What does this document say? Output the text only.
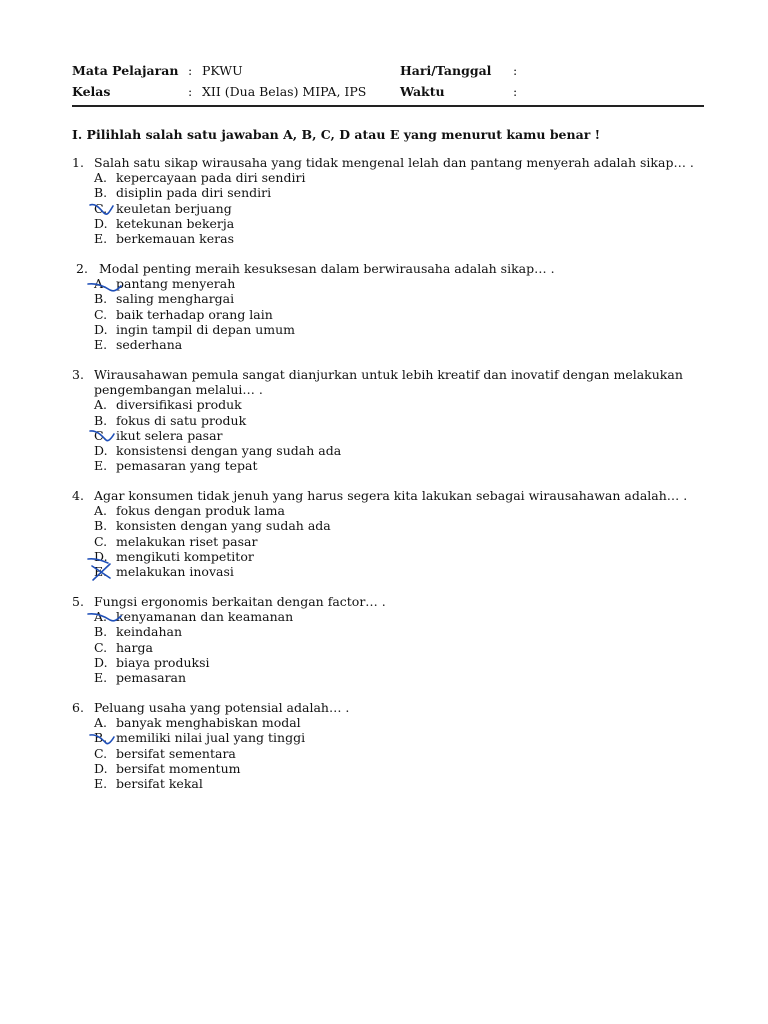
Mata Pelajaran : PKWU	Hari/Tanggal :
Kelas	: XII (Dua Belas) MIPA, IPS	Waktu	:
I. Pilihlah salah satu jawaban A, B, C, D atau E yang menurut kamu benar !
1. Salah satu sikap wirausaha yang tidak mengenal lelah dan pantang menyerah adalah sikap… .
A. kepercayaan pada diri sendiri
B. disiplin pada diri sendiri
C. keuletan berjuang
D. ketekunan bekerja
E. berkemauan keras
2. Modal penting meraih kesuksesan dalam berwirausaha adalah sikap… .
A. pantang menyerah
B. saling menghargai
C. baik terhadap orang lain
D. ingin tampil di depan umum
E. sederhana
3. Wirausahawan pemula sangat dianjurkan untuk lebih kreatif dan inovatif dengan melakukan
pengembangan melalui… .
A. diversifikasi produk
B. fokus di satu produk
C. ikut selera pasar
D. konsistensi dengan yang sudah ada
E. pemasaran yang tepat
4. Agar konsumen tidak jenuh yang harus segera kita lakukan sebagai wirausahawan adalah… .
A. fokus dengan produk lama
B. konsisten dengan yang sudah ada
C. melakukan riset pasar
D. mengikuti kompetitor
E. melakukan inovasi
5. Fungsi ergonomis berkaitan dengan factor… .
A. kenyamanan dan keamanan
B. keindahan
C. harga
D. biaya produksi
E. pemasaran
6. Peluang usaha yang potensial adalah… .
A. banyak menghabiskan modal
B. memiliki nilai jual yang tinggi
C. bersifat sementara
D. bersifat momentum
E. bersifat kekal
